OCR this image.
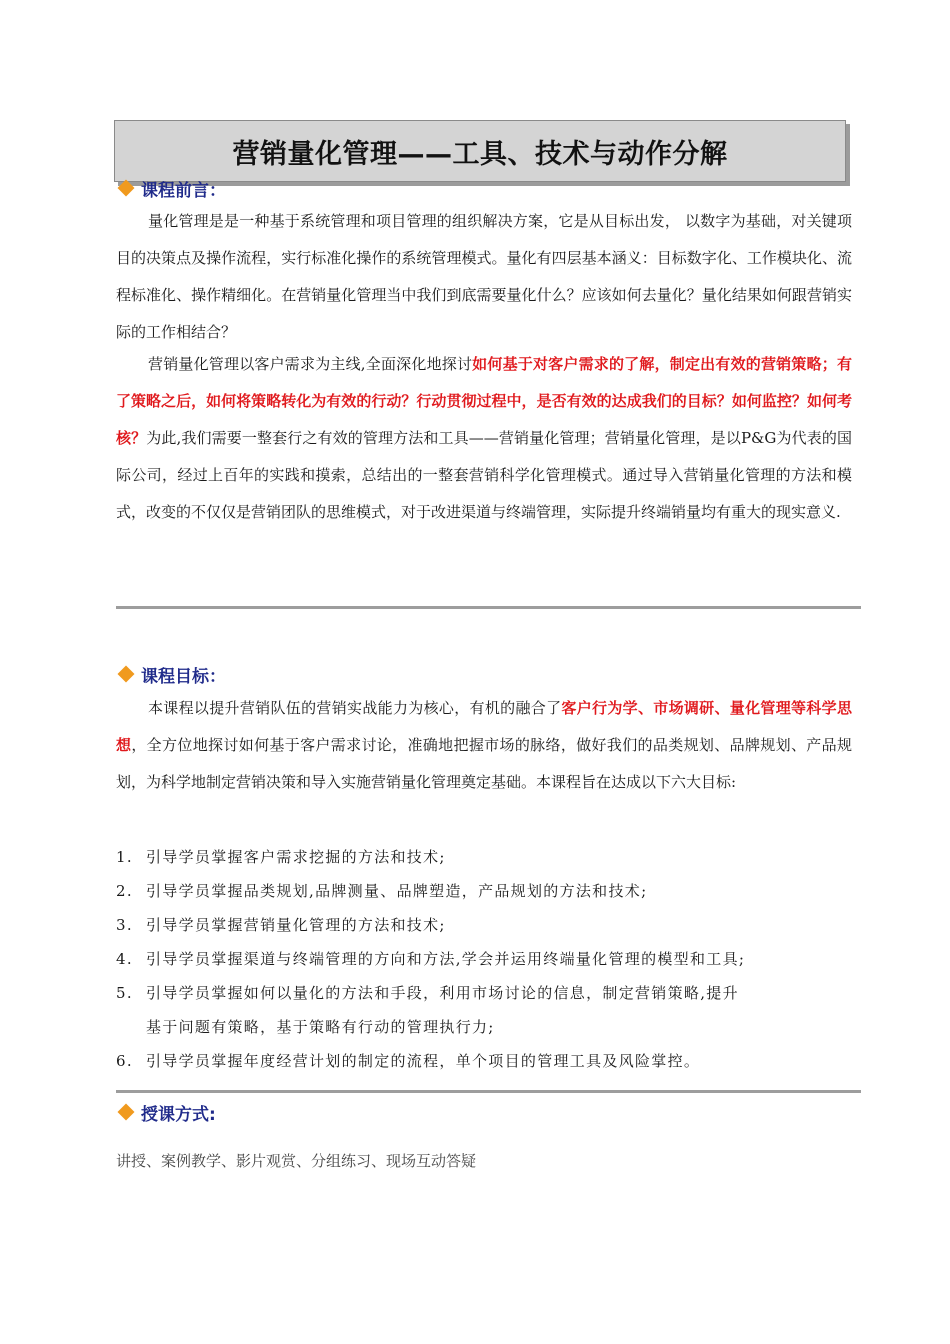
营销量化管理——工具、技术与动作分解
课程前言：
量化管理是是一种基于系统管理和项目管理的组织解决方案，它是从目标出发， 以数字为基础，对关键项目的决策点及操作流程，实行标准化操作的系统管理模式。量化有四层基本涵义：目标数字化、工作模块化、流程标准化、操作精细化。在营销量化管理当中我们到底需要量化什么？应该如何去量化？量化结果如何跟营销实际的工作相结合？
营销量化管理以客户需求为主线,全面深化地探讨如何基于对客户需求的了解，制定出有效的营销策略；有了策略之后，如何将策略转化为有效的行动？行动贯彻过程中，是否有效的达成我们的目标？如何监控？如何考核？为此,我们需要一整套行之有效的管理方法和工具——营销量化管理；营销量化管理，是以P&G为代表的国际公司，经过上百年的实践和摸索，总结出的一整套营销科学化管理模式。通过导入营销量化管理的方法和模式，改变的不仅仅是营销团队的思维模式，对于改进渠道与终端管理，实际提升终端销量均有重大的现实意义.
课程目标：
本课程以提升营销队伍的营销实战能力为核心，有机的融合了客户行为学、市场调研、量化管理等科学思想，全方位地探讨如何基于客户需求讨论，准确地把握市场的脉络，做好我们的品类规划、品牌规划、产品规划，为科学地制定营销决策和导入实施营销量化管理奠定基础。本课程旨在达成以下六大目标:
1. 引导学员掌握客户需求挖掘的方法和技术;
2. 引导学员掌握品类规划,品牌测量、品牌塑造，产品规划的方法和技术;
3. 引导学员掌握营销量化管理的方法和技术;
4. 引导学员掌握渠道与终端管理的方向和方法,学会并运用终端量化管理的模型和工具;
5. 引导学员掌握如何以量化的方法和手段，利用市场讨论的信息，制定营销策略,提升
基于问题有策略，基于策略有行动的管理执行力;
6. 引导学员掌握年度经营计划的制定的流程，单个项目的管理工具及风险掌控。
授课方式:
讲授、案例教学、影片观赏、分组练习、现场互动答疑
